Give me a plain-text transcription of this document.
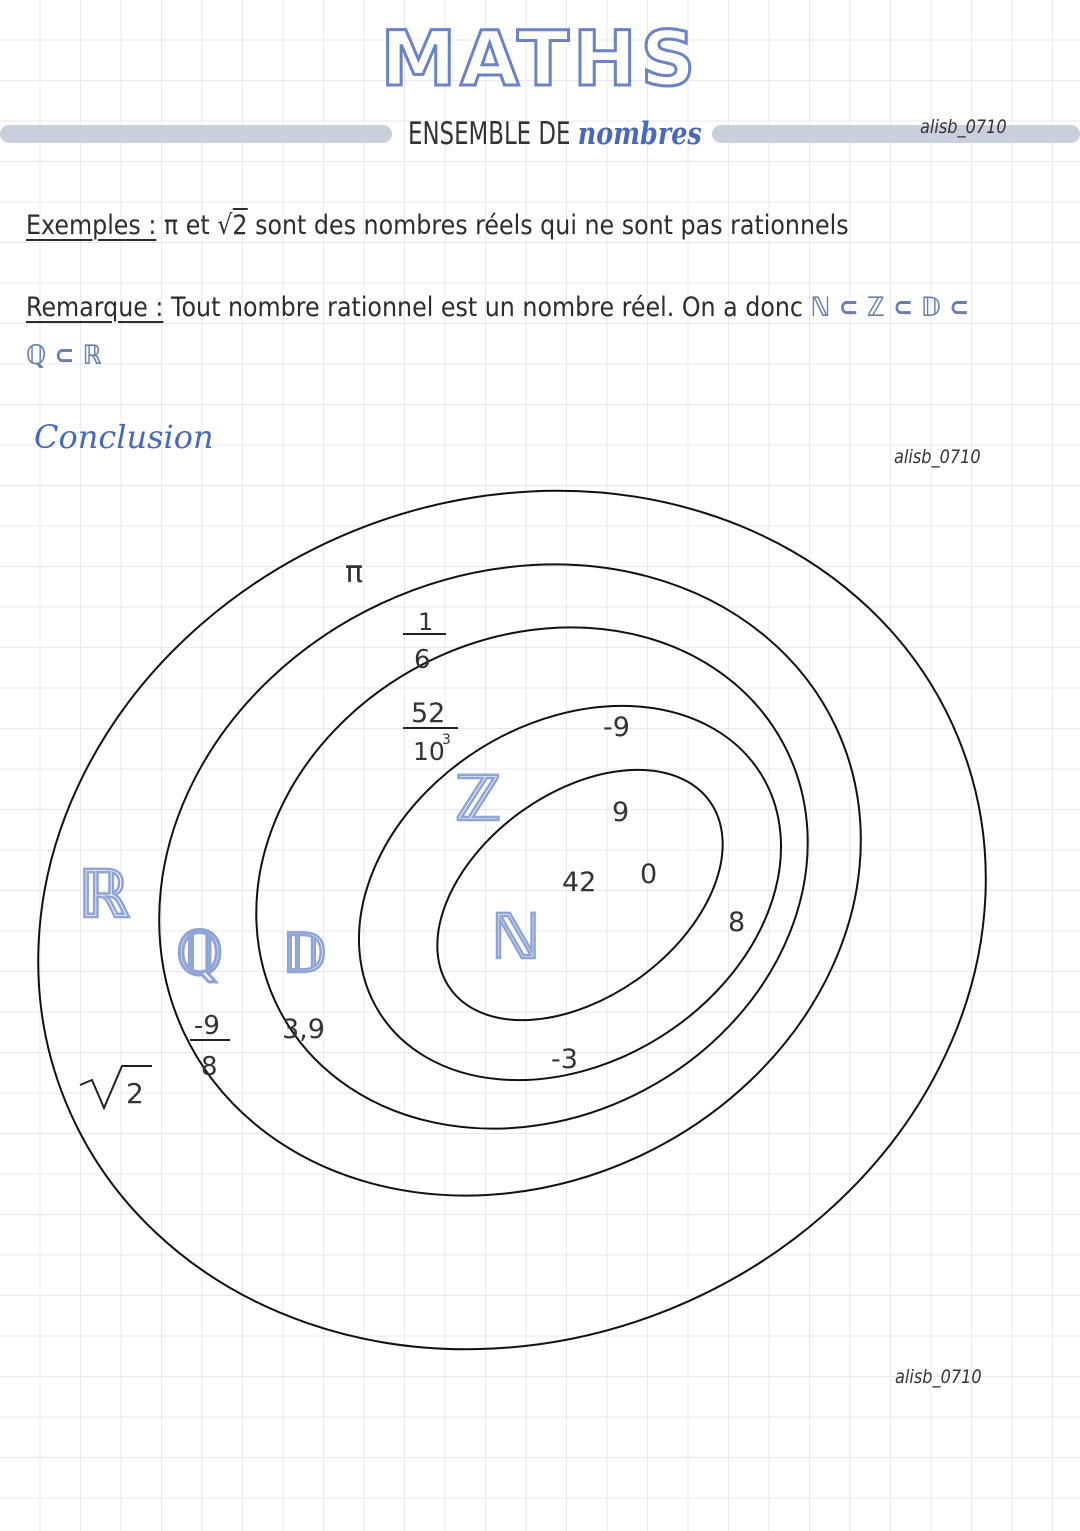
MATHS
ENSEMBLE DE nombres	alisb_0710
Exemples : π et √2 sont des nombres réels qui ne sont pas rationnels
Remarque : Tout nombre rationnel est un nombre réel. On a donc ℕ ⊂ ℤ ⊂ 𝔻 ⊂
ℚ ⊂ ℝ
Conclusion
alisb_0710
ℝ
ℚ 𝔻
ℤ
ℕ
π
1
6
52
10
3	-9
9
42 0
8
-3
3,9
-9
8
2
alisb_0710
